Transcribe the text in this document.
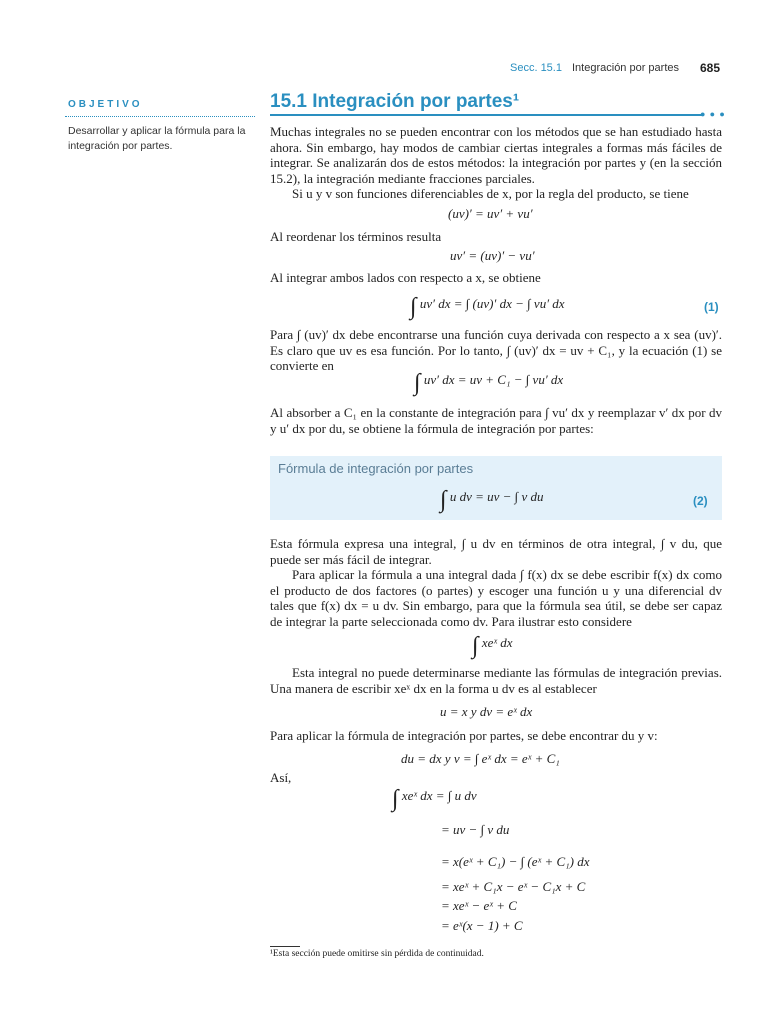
Secc. 15.1 Integración por partes 685
OBJETIVO
Desarrollar y aplicar la fórmula para la integración por partes.
15.1 Integración por partes¹
● ● ●
Muchas integrales no se pueden encontrar con los métodos que se han estudiado hasta ahora. Sin embargo, hay modos de cambiar ciertas integrales a formas más fáciles de integrar. Se analizarán dos de estos métodos: la integración por partes y (en la sección 15.2), la integración mediante fracciones parciales.
Si u y v son funciones diferenciables de x, por la regla del producto, se tiene
(uv)′ = uv′ + vu′
Al reordenar los términos resulta
uv′ = (uv)′ − vu′
Al integrar ambos lados con respecto a x, se obtiene
∫ uv′ dx = ∫ (uv)′ dx − ∫ vu′ dx	(1)
Para ∫ (uv)′ dx debe encontrarse una función cuya derivada con respecto a x sea (uv)′. Es claro que uv es esa función. Por lo tanto, ∫ (uv)′ dx = uv + C₁, y la ecuación (1) se convierte en
∫ uv′ dx = uv + C₁ − ∫ vu′ dx
Al absorber a C₁ en la constante de integración para ∫ vu′ dx y reemplazar v′ dx por dv y u′ dx por du, se obtiene la fórmula de integración por partes:
Fórmula de integración por partes
∫ u dv = uv − ∫ v du	(2)
Esta fórmula expresa una integral, ∫ u dv en términos de otra integral, ∫ v du, que puede ser más fácil de integrar.
Para aplicar la fórmula a una integral dada ∫ f(x) dx se debe escribir f(x) dx como el producto de dos factores (o partes) y escoger una función u y una diferencial dv tales que f(x) dx = u dv. Sin embargo, para que la fórmula sea útil, se debe ser capaz de integrar la parte seleccionada como dv. Para ilustrar esto considere
∫ xeˣ dx
Esta integral no puede determinarse mediante las fórmulas de integración previas. Una manera de escribir xeˣ dx en la forma u dv es al establecer
u = x y dv = eˣ dx
Para aplicar la fórmula de integración por partes, se debe encontrar du y v:
du = dx y v = ∫ eˣ dx = eˣ + C₁
Así,
∫ xeˣ dx = ∫ u dv
= uv − ∫ v du
= x(eˣ + C₁) − ∫ (eˣ + C₁) dx
= xeˣ + C₁x − eˣ − C₁x + C
= xeˣ − eˣ + C
= eˣ(x − 1) + C
¹Esta sección puede omitirse sin pérdida de continuidad.
